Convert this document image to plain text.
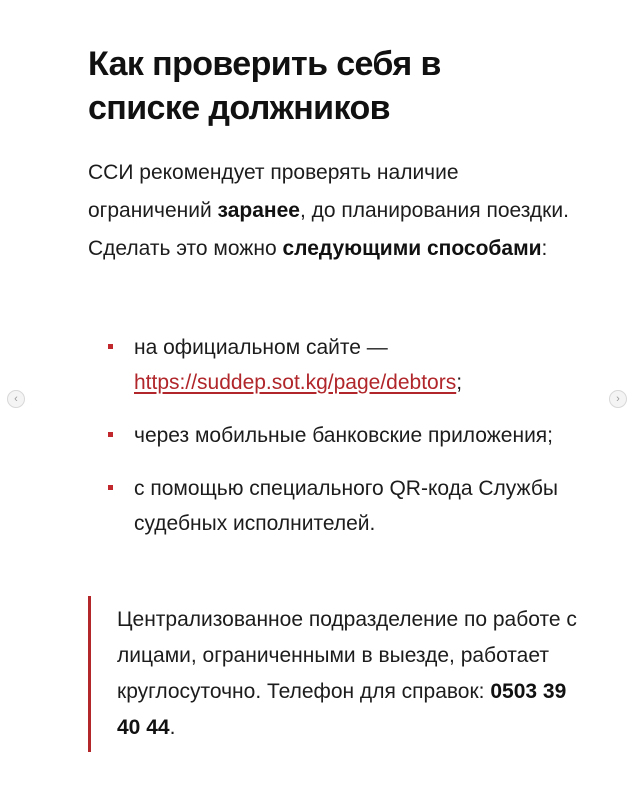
Как проверить себя в списке должников

ССИ рекомендует проверять наличие ограничений заранее, до планирования поездки. Сделать это можно следующими способами:

на официальном сайте — https://suddep.sot.kg/page/debtors;
через мобильные банковские приложения;
с помощью специального QR-кода Службы судебных исполнителей.

Централизованное подразделение по работе с лицами, ограниченными в выезде, работает круглосуточно. Телефон для справок: 0503 39 40 44.

‹	›
